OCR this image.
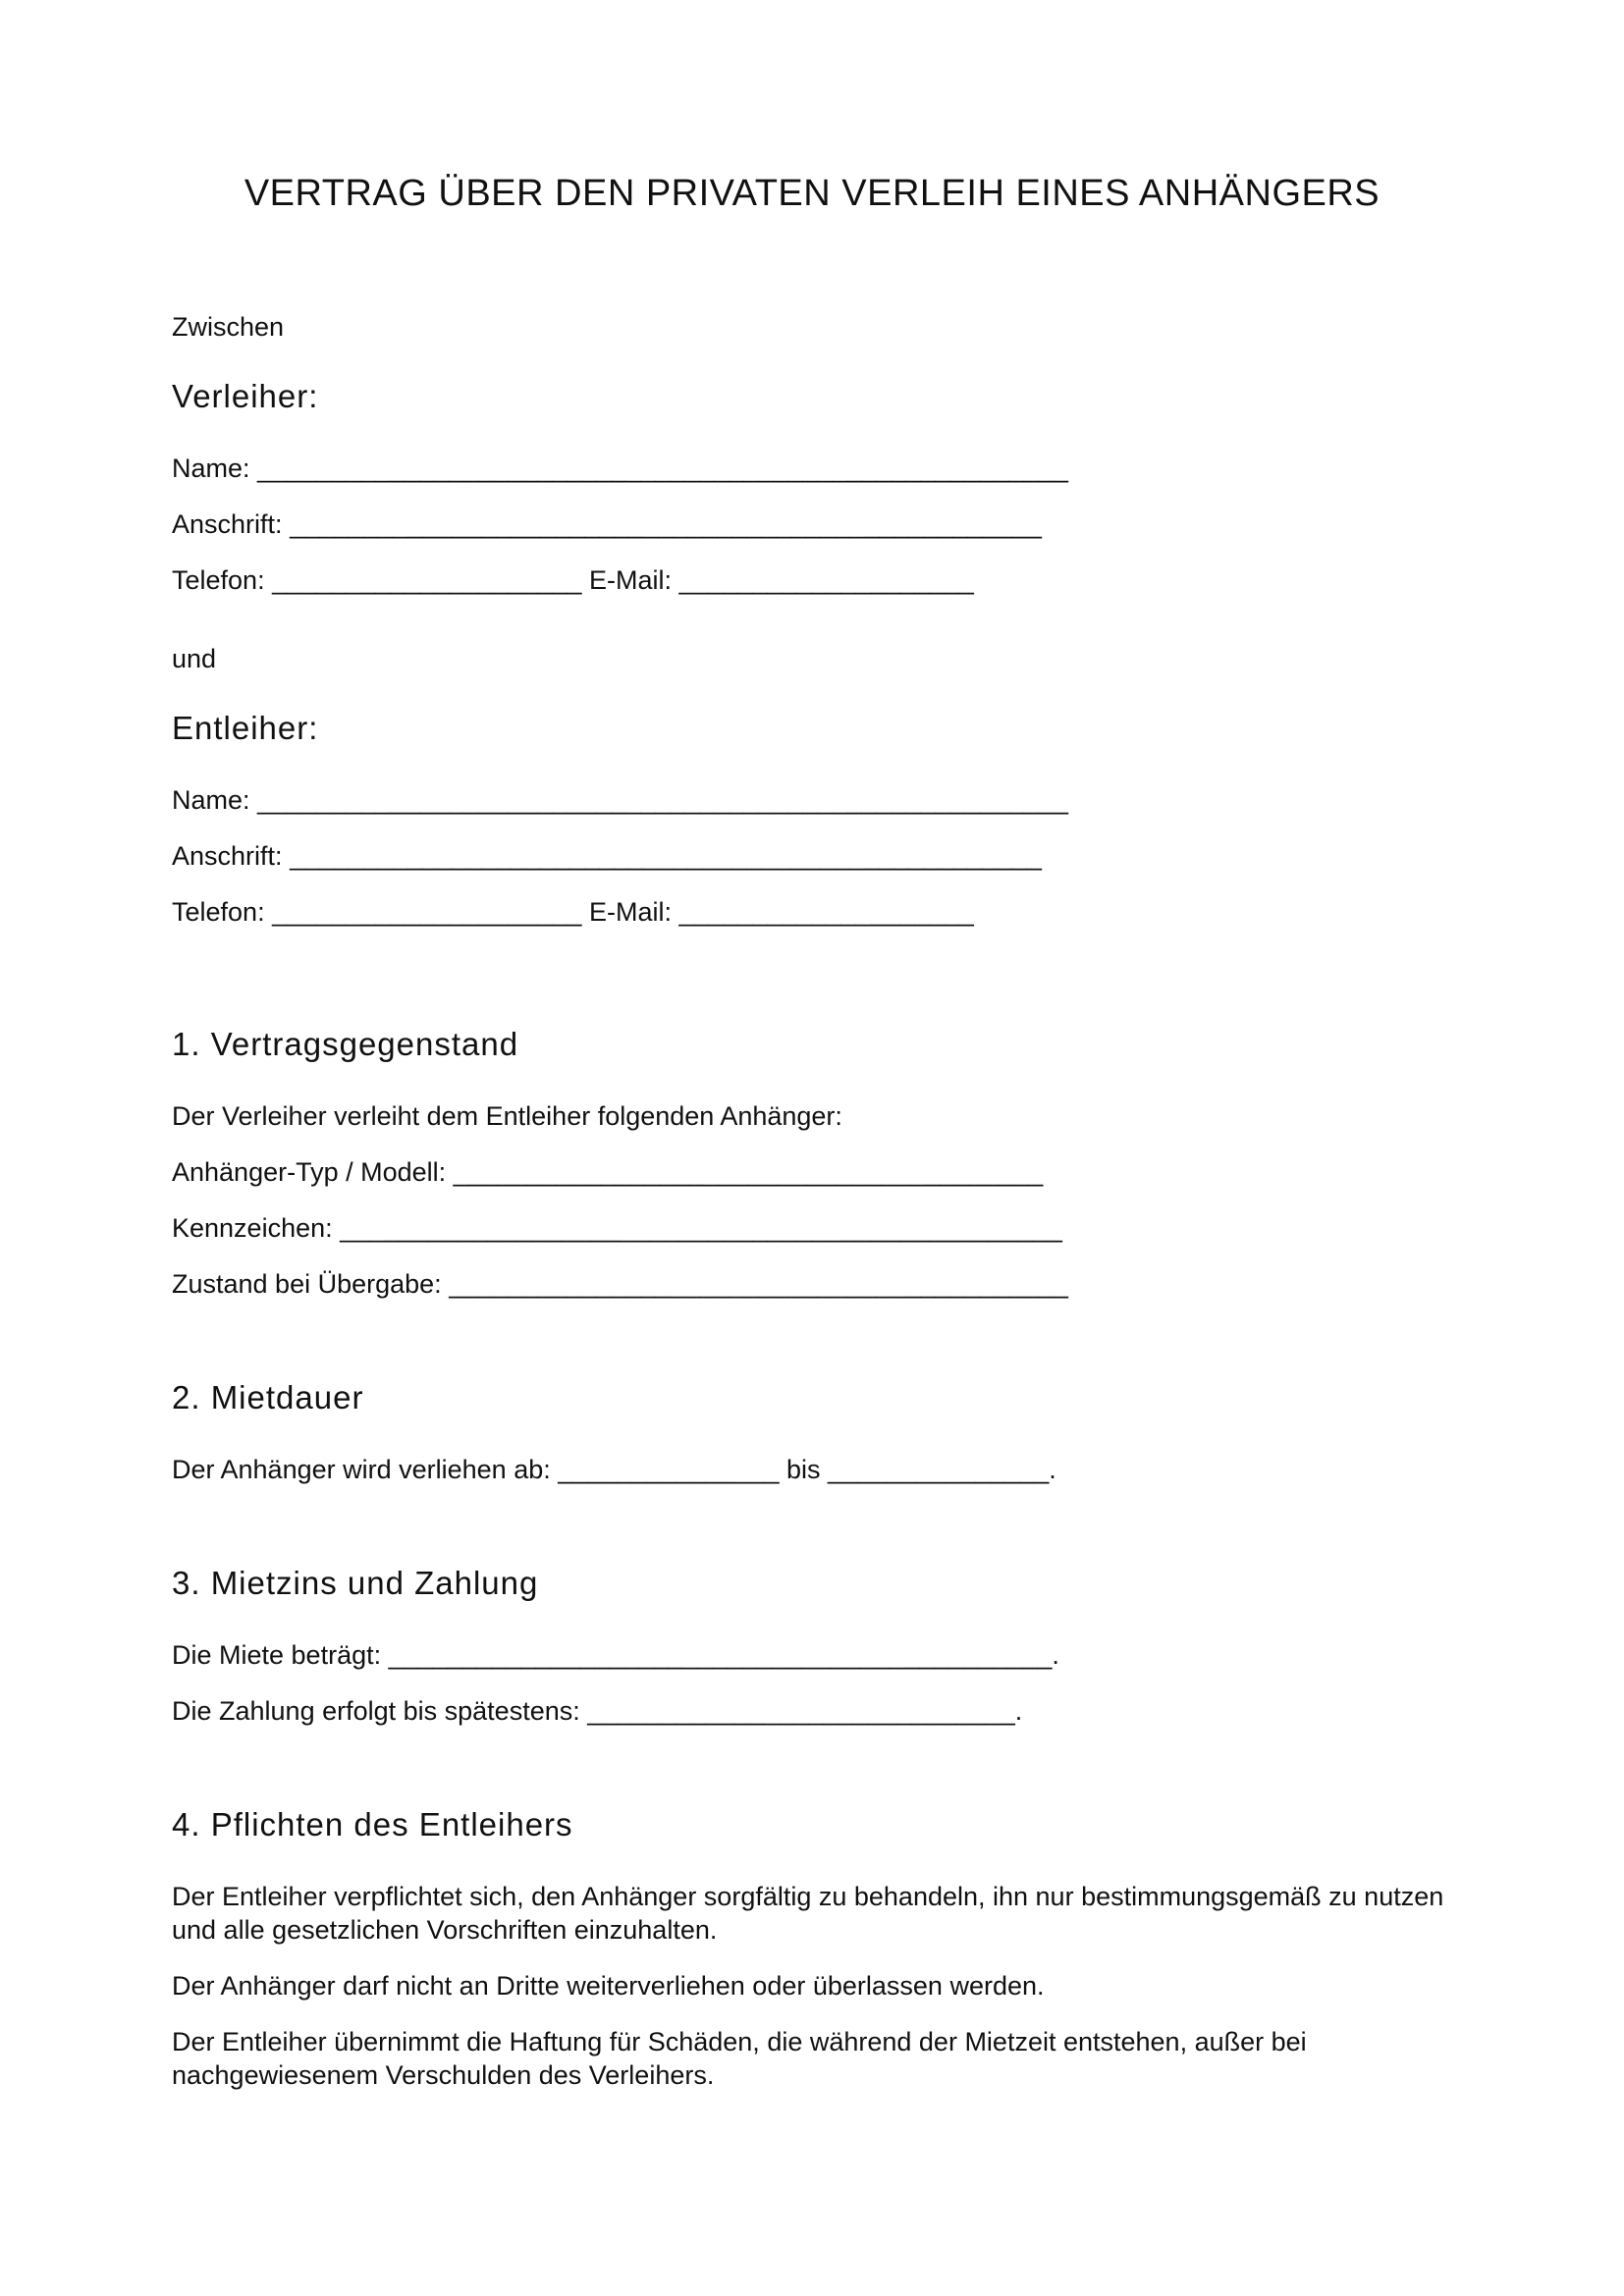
VERTRAG ÜBER DEN PRIVATEN VERLEIH EINES ANHÄNGERS
Zwischen
Verleiher:
Name: _______________________________________________________
Anschrift: ___________________________________________________
Telefon: _____________________ E-Mail: ____________________
und
Entleiher:
Name: _______________________________________________________
Anschrift: ___________________________________________________
Telefon: _____________________ E-Mail: ____________________
1. Vertragsgegenstand
Der Verleiher verleiht dem Entleiher folgenden Anhänger:
Anhänger-Typ / Modell: ________________________________________
Kennzeichen: _________________________________________________
Zustand bei Übergabe: __________________________________________
2. Mietdauer
Der Anhänger wird verliehen ab: _______________ bis _______________.
3. Mietzins und Zahlung
Die Miete beträgt: _____________________________________________.
Die Zahlung erfolgt bis spätestens: _____________________________.
4. Pflichten des Entleihers
Der Entleiher verpflichtet sich, den Anhänger sorgfältig zu behandeln, ihn nur bestimmungsgemäß zu nutzen und alle gesetzlichen Vorschriften einzuhalten.
Der Anhänger darf nicht an Dritte weiterverliehen oder überlassen werden.
Der Entleiher übernimmt die Haftung für Schäden, die während der Mietzeit entstehen, außer bei nachgewiesenem Verschulden des Verleihers.
